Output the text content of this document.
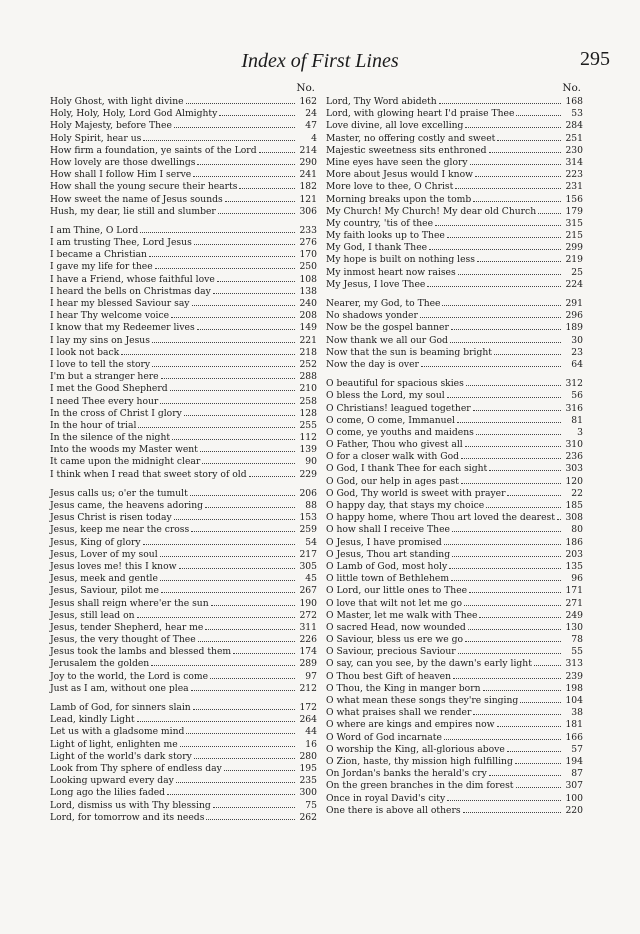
Index of First Lines	295
No.
Holy Ghost, with light divine	162
Holy, Holy, Holy, Lord God Almighty	24
Holy Majesty, before Thee	47
Holy Spirit, hear us	4
How firm a foundation, ye saints of the Lord	214
How lovely are those dwellings	290
How shall I follow Him I serve	241
How shall the young secure their hearts	182
How sweet the name of Jesus sounds	121
Hush, my dear, lie still and slumber	306
I am Thine, O Lord	233
I am trusting Thee, Lord Jesus	276
I became a Christian	170
I gave my life for thee	250
I have a Friend, whose faithful love	108
I heard the bells on Christmas day	138
I hear my blessed Saviour say	240
I hear Thy welcome voice	208
I know that my Redeemer lives	149
I lay my sins on Jesus	221
I look not back	218
I love to tell the story	252
I'm but a stranger here	288
I met the Good Shepherd	210
I need Thee every hour	258
In the cross of Christ I glory	128
In the hour of trial	255
In the silence of the night	112
Into the woods my Master went	139
It came upon the midnight clear	90
I think when I read that sweet story of old	229
Jesus calls us; o'er the tumult	206
Jesus came, the heavens adoring	88
Jesus Christ is risen today	153
Jesus, keep me near the cross	259
Jesus, King of glory	54
Jesus, Lover of my soul	217
Jesus loves me! this I know	305
Jesus, meek and gentle	45
Jesus, Saviour, pilot me	267
Jesus shall reign where'er the sun	190
Jesus, still lead on	272
Jesus, tender Shepherd, hear me	311
Jesus, the very thought of Thee	226
Jesus took the lambs and blessed them	174
Jerusalem the golden	289
Joy to the world, the Lord is come	97
Just as I am, without one plea	212
Lamb of God, for sinners slain	172
Lead, kindly Light	264
Let us with a gladsome mind	44
Light of light, enlighten me	16
Light of the world's dark story	280
Look from Thy sphere of endless day	195
Looking upward every day	235
Long ago the lilies faded	300
Lord, dismiss us with Thy blessing	75
Lord, for tomorrow and its needs	262
No.
Lord, Thy Word abideth	168
Lord, with glowing heart I'd praise Thee	53
Love divine, all love excelling	284
Master, no offering costly and sweet	251
Majestic sweetness sits enthroned	230
Mine eyes have seen the glory	314
More about Jesus would I know	223
More love to thee, O Christ	231
Morning breaks upon the tomb	156
My Church! My Church! My dear old Church	179
My country, 'tis of thee	315
My faith looks up to Thee	215
My God, I thank Thee	299
My hope is built on nothing less	219
My inmost heart now raises	25
My Jesus, I love Thee	224
Nearer, my God, to Thee	291
No shadows yonder	296
Now be the gospel banner	189
Now thank we all our God	30
Now that the sun is beaming bright	23
Now the day is over	64
O beautiful for spacious skies	312
O bless the Lord, my soul	56
O Christians! leagued together	316
O come, O come, Immanuel	81
O come, ye youths and maidens	3
O Father, Thou who givest all	310
O for a closer walk with God	236
O God, I thank Thee for each sight	303
O God, our help in ages past	120
O God, Thy world is sweet with prayer	22
O happy day, that stays my choice	185
O happy home, where Thou art loved the dearest 308
O how shall I receive Thee	80
O Jesus, I have promised	186
O Jesus, Thou art standing	203
O Lamb of God, most holy	135
O little town of Bethlehem	96
O Lord, our little ones to Thee	171
O love that wilt not let me go	271
O Master, let me walk with Thee	249
O sacred Head, now wounded	130
O Saviour, bless us ere we go	78
O Saviour, precious Saviour	55
O say, can you see, by the dawn's early light	313
O Thou best Gift of heaven	239
O Thou, the King in manger born	198
O what mean these songs they're singing	104
O what praises shall we render	38
O where are kings and empires now	181
O Word of God incarnate	166
O worship the King, all-glorious above	57
O Zion, haste, thy mission high fulfilling	194
On Jordan's banks the herald's cry	87
On the green branches in the dim forest	307
Once in royal David's city	100
One there is above all others	220
